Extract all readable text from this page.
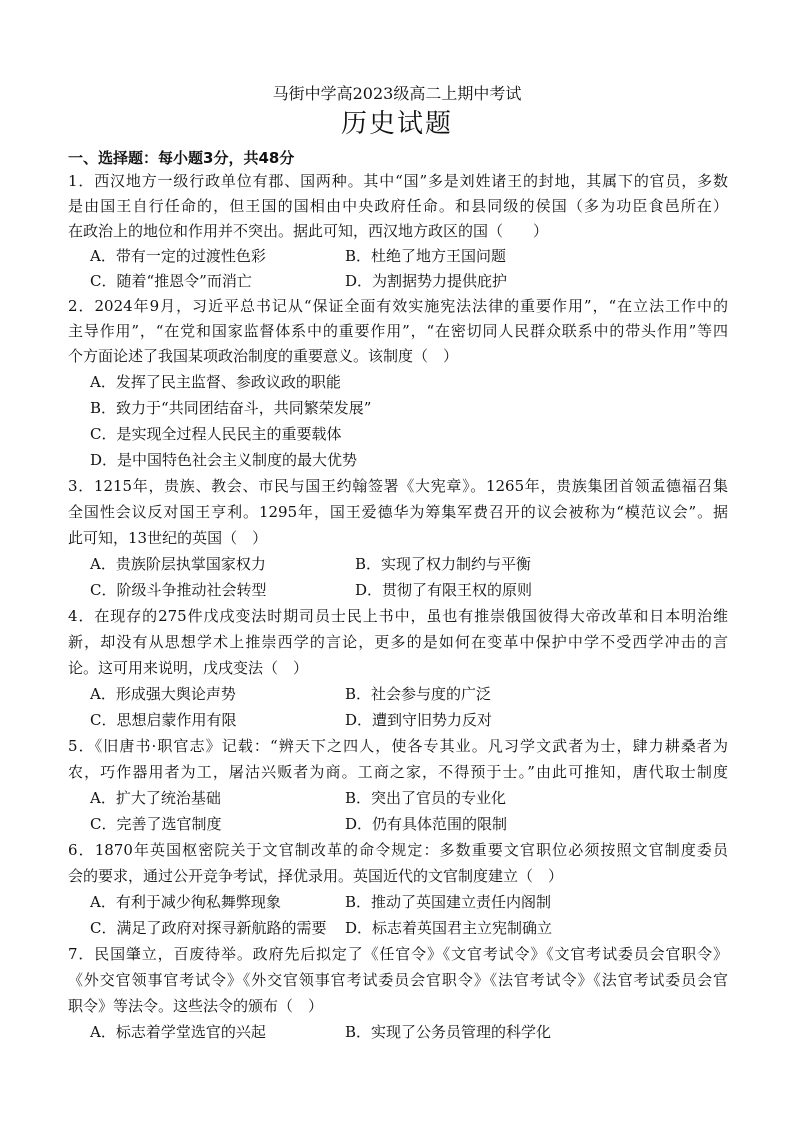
马街中学高2023级高二上期中考试
历史试题
一、选择题：每小题3分，共48分
1．西汉地方一级行政单位有郡、国两种。其中“国”多是刘姓诸王的封地，其属下的官员，多数
是由国王自行任命的，但王国的国相由中央政府任命。和县同级的侯国（多为功臣食邑所在）
在政治上的地位和作用并不突出。据此可知，西汉地方政区的国（　　）
A．带有一定的过渡性色彩	B．杜绝了地方王国问题
C．随着“推恩令”而消亡	D．为割据势力提供庇护
2．2024年9月，习近平总书记从“保证全面有效实施宪法法律的重要作用”，“在立法工作中的
主导作用”，“在党和国家监督体系中的重要作用”，“在密切同人民群众联系中的带头作用”等四
个方面论述了我国某项政治制度的重要意义。该制度（　）
A．发挥了民主监督、参政议政的职能
B．致力于“共同团结奋斗，共同繁荣发展”
C．是实现全过程人民民主的重要载体
D．是中国特色社会主义制度的最大优势
3．1215年，贵族、教会、市民与国王约翰签署《大宪章》。1265年，贵族集团首领孟德福召集
全国性会议反对国王亨利。1295年，国王爱德华为筹集军费召开的议会被称为“模范议会”。据
此可知，13世纪的英国（　）
A．贵族阶层执掌国家权力	B．实现了权力制约与平衡
C．阶级斗争推动社会转型	D．贯彻了有限王权的原则
4．在现存的275件戊戌变法时期司员士民上书中，虽也有推崇俄国彼得大帝改革和日本明治维
新，却没有从思想学术上推崇西学的言论，更多的是如何在变革中保护中学不受西学冲击的言
论。这可用来说明，戊戌变法（　）
A．形成强大舆论声势	B．社会参与度的广泛
C．思想启蒙作用有限	D．遭到守旧势力反对
5．《旧唐书·职官志》记载：“辨天下之四人，使各专其业。凡习学文武者为士，肆力耕桑者为
农，巧作器用者为工，屠沽兴贩者为商。工商之家，不得预于士。”由此可推知，唐代取士制度
A．扩大了统治基础	B．突出了官员的专业化
C．完善了选官制度	D．仍有具体范围的限制
6．1870年英国枢密院关于文官制改革的命令规定：多数重要文官职位必须按照文官制度委员
会的要求，通过公开竞争考试，择优录用。英国近代的文官制度建立（　）
A．有利于减少徇私舞弊现象	B．推动了英国建立责任内阁制
C．满足了政府对探寻新航路的需要 D．标志着英国君主立宪制确立
7．民国肇立，百废待举。政府先后拟定了《任官令》《文官考试令》《文官考试委员会官职令》
《外交官领事官考试令》《外交官领事官考试委员会官职令》《法官考试令》《法官考试委员会官
职令》等法令。这些法令的颁布（　）
A．标志着学堂选官的兴起	B．实现了公务员管理的科学化
